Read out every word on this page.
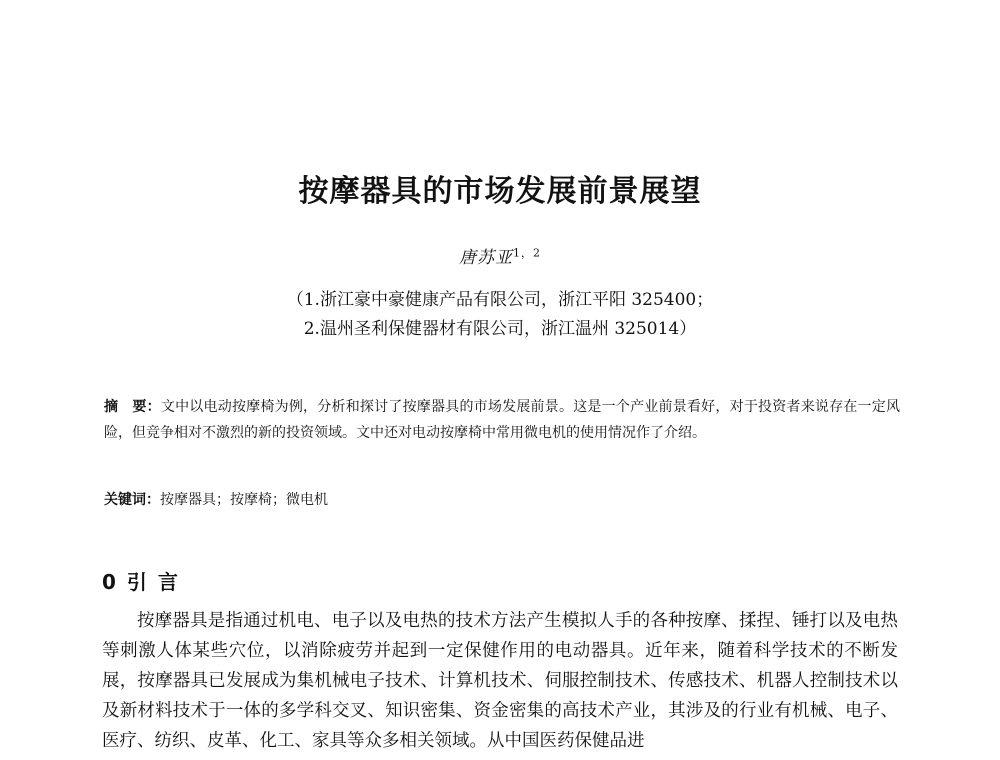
按摩器具的市场发展前景展望
唐苏亚$^{1,2}$
（1.浙江豪中豪健康产品有限公司，浙江平阳 325400；
2.温州圣利保健器材有限公司，浙江温州 325014）

摘　要：文中以电动按摩椅为例，分析和探讨了按摩器具的市场发展前景。这是一个产业前景看好，对于投资者来说存在一定风险，但竞争相对不激烈的新的投资领域。文中还对电动按摩椅中常用微电机的使用情况作了介绍。

关键词：按摩器具；按摩椅；微电机

0 引 言

按摩器具是指通过机电、电子以及电热的技术方法产生模拟人手的各种按摩、揉捏、锤打以及电热等刺激人体某些穴位，以消除疲劳并起到一定保健作用的电动器具。近年来，随着科学技术的不断发展，按摩器具已发展成为集机械电子技术、计算机技术、伺服控制技术、传感技术、机器人控制技术以及新材料技术于一体的多学科交叉、知识密集、资金密集的高技术产业，其涉及的行业有机械、电子、医疗、纺织、皮革、化工、家具等众多相关领域。从中国医药保健品进
